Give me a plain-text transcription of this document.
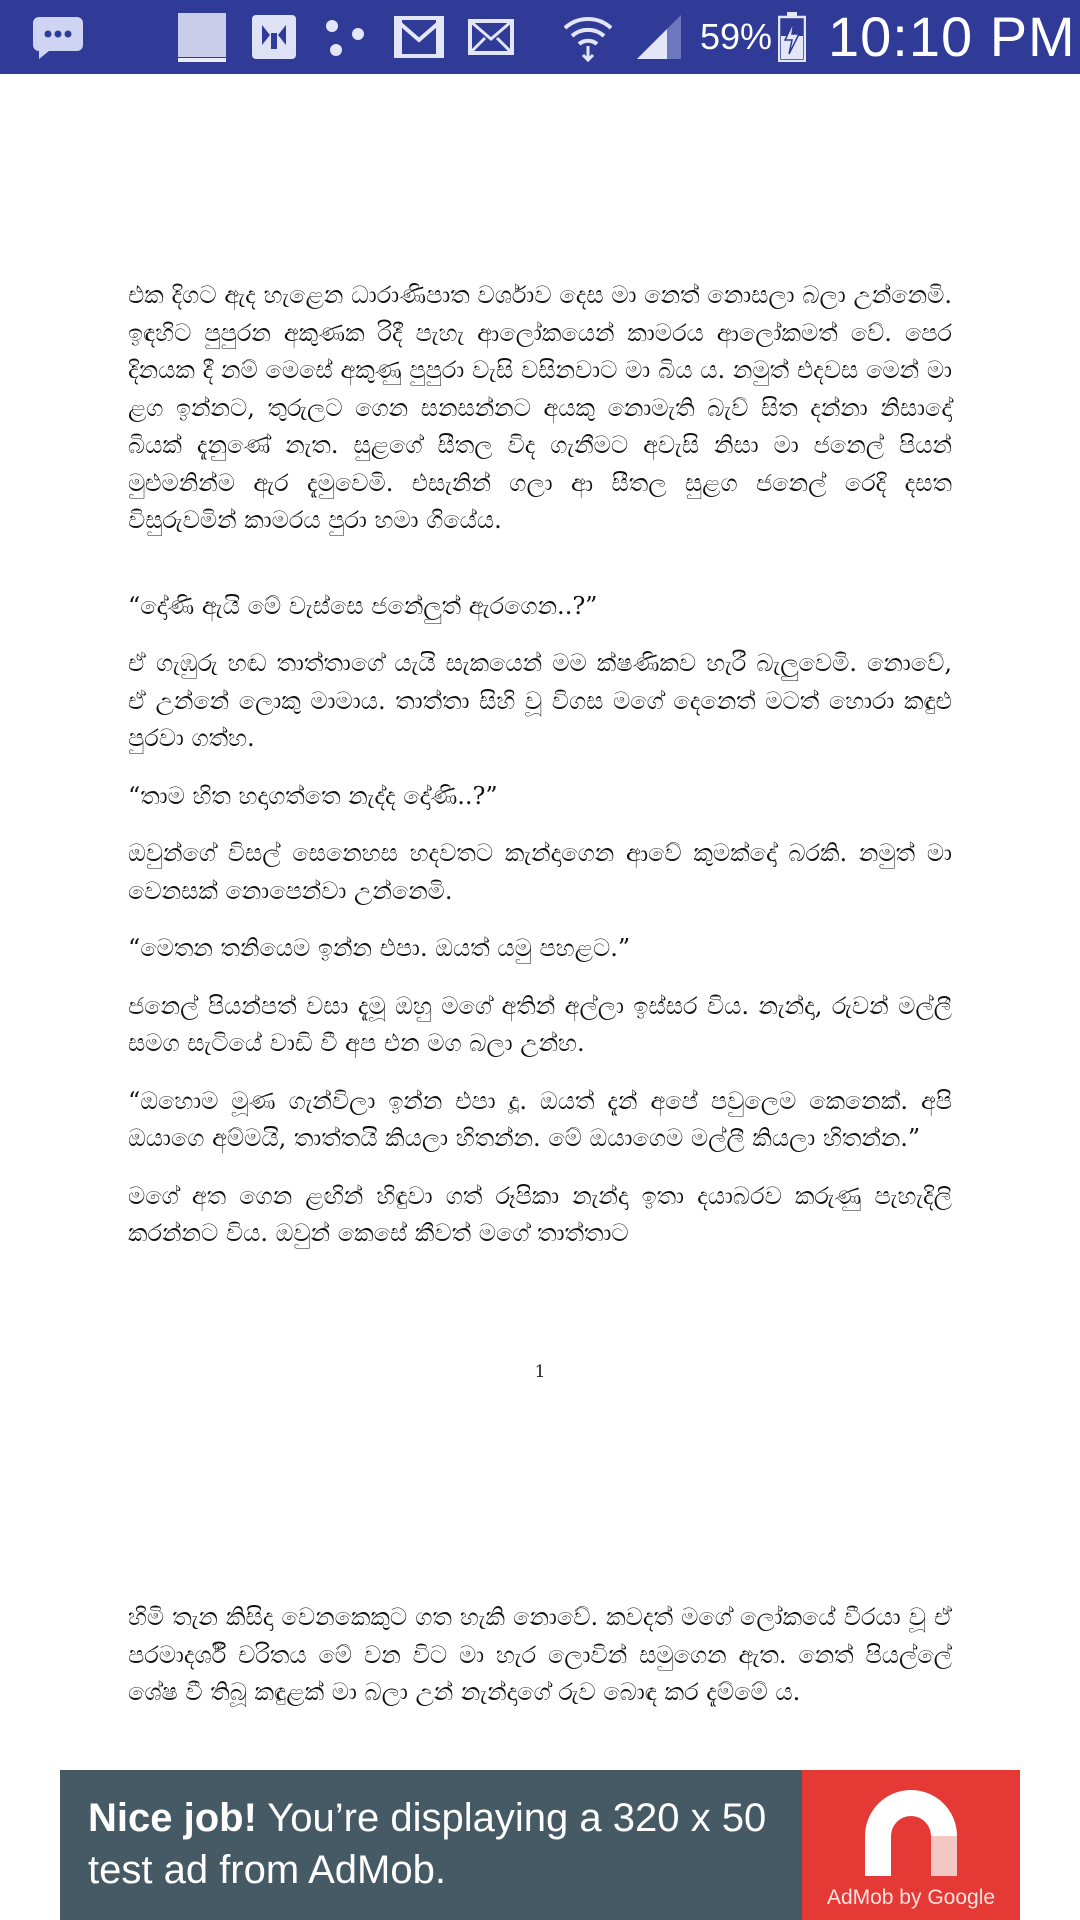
59% 10:10 PM

එක දිගට ඇද හැළෙන ධාරාණිපාත වර්ශාව දෙස මා නෙත් නොසලා බලා උන්නෙමි. ඉඳහිට පුපුරන අකුණක රිදී පැහැ ආලෝකයෙන් කාමරය ආලෝකමත් වේ. පෙර දිනයක දී නම් මෙසේ අකුණු පුපුරා වැසි වසිනවාට මා බිය ය. නමුත් එදවස මෙන් මා ළග ඉන්නට, තුරුලට ගෙන සනසන්නට අයකු නොමැති බැව් සිත දන්නා නිසාදෝ බියක් දැනුණේ නැත. සුළගේ සීතල විද ගැනීමට අවැසි නිසා මා ජනෙල් පියන් මුළුමනින්ම ඇර දැමුවෙමි. එසැනින් ගලා ආ සීතල සුළග ජනෙල් රෙදි දසත විසුරුවමින් කාමරය පුරා හමා ගියේය.

“දෝණි ඇයි මේ වැස්සෙ ජනේලුත් ඇරගෙන..?”

ඒ ගැඹුරු හඬ තාත්තාගේ යැයි සැකයෙන් මම ක්ෂණිකව හැරී බැලුවෙමි. නොවේ, ඒ උන්නේ ලොකු මාමාය. තාත්තා සිහි වූ විගස මගේ දෙනෙත් මටත් හොරා කඳුළු පුරවා ගත්හ.

“තාම හිත හදාගත්තෙ නැද්ද දෝණි..?”

ඔවුන්ගේ විසල් සෙනෙහස හදවතට කැන්දාගෙන ආවේ කුමක්දෝ බරකි. නමුත් මා වෙනසක් නොපෙන්වා උන්නෙමි.

“මෙතන තනියෙම ඉන්න එපා. ඔයත් යමු පහළට.”

ජනෙල් පියන්පත් වසා දැමූ ඔහු මගේ අතින් අල්ලා ඉස්සර විය. නැන්දා, රුවන් මල්ලී සමග සැටියේ වාඩි වී අප එන මග බලා උන්හ.

“ඔහොම මූණ ගැන්විලා ඉන්න එපා දූ. ඔයත් දැන් අපේ පවුලෙම කෙනෙක්. අපි ඔයාගෙ අම්මයි, තාත්තයි කියලා හිතන්න. මේ ඔයාගෙම මල්ලී කියලා හිතන්න.”

මගේ අත ගෙන ළඟින් හිඳුවා ගත් රූපිකා නැන්දා ඉතා දයාබරව කරුණු පැහැදිලි කරන්නට විය. ඔවුන් කෙසේ කීවත් මගේ තාත්තාට

1

හිමි තැන කිසිදා වෙනකෙකුට ගත හැකි නොවේ. කවදත් මගේ ලෝකයේ වීරයා වූ ඒ පරමාදර්ශී චරිතය මේ වන විට මා හැර ලොවින් සමුගෙන ඇත. නෙත් පියල්ලේ ශේෂ වී තිබූ කඳුළක් මා බලා උන් නැන්දාගේ රුව බොඳ කර දැම්මේ ය.

Nice job! You’re displaying a 320 x 50 test ad from AdMob.
AdMob by Google
